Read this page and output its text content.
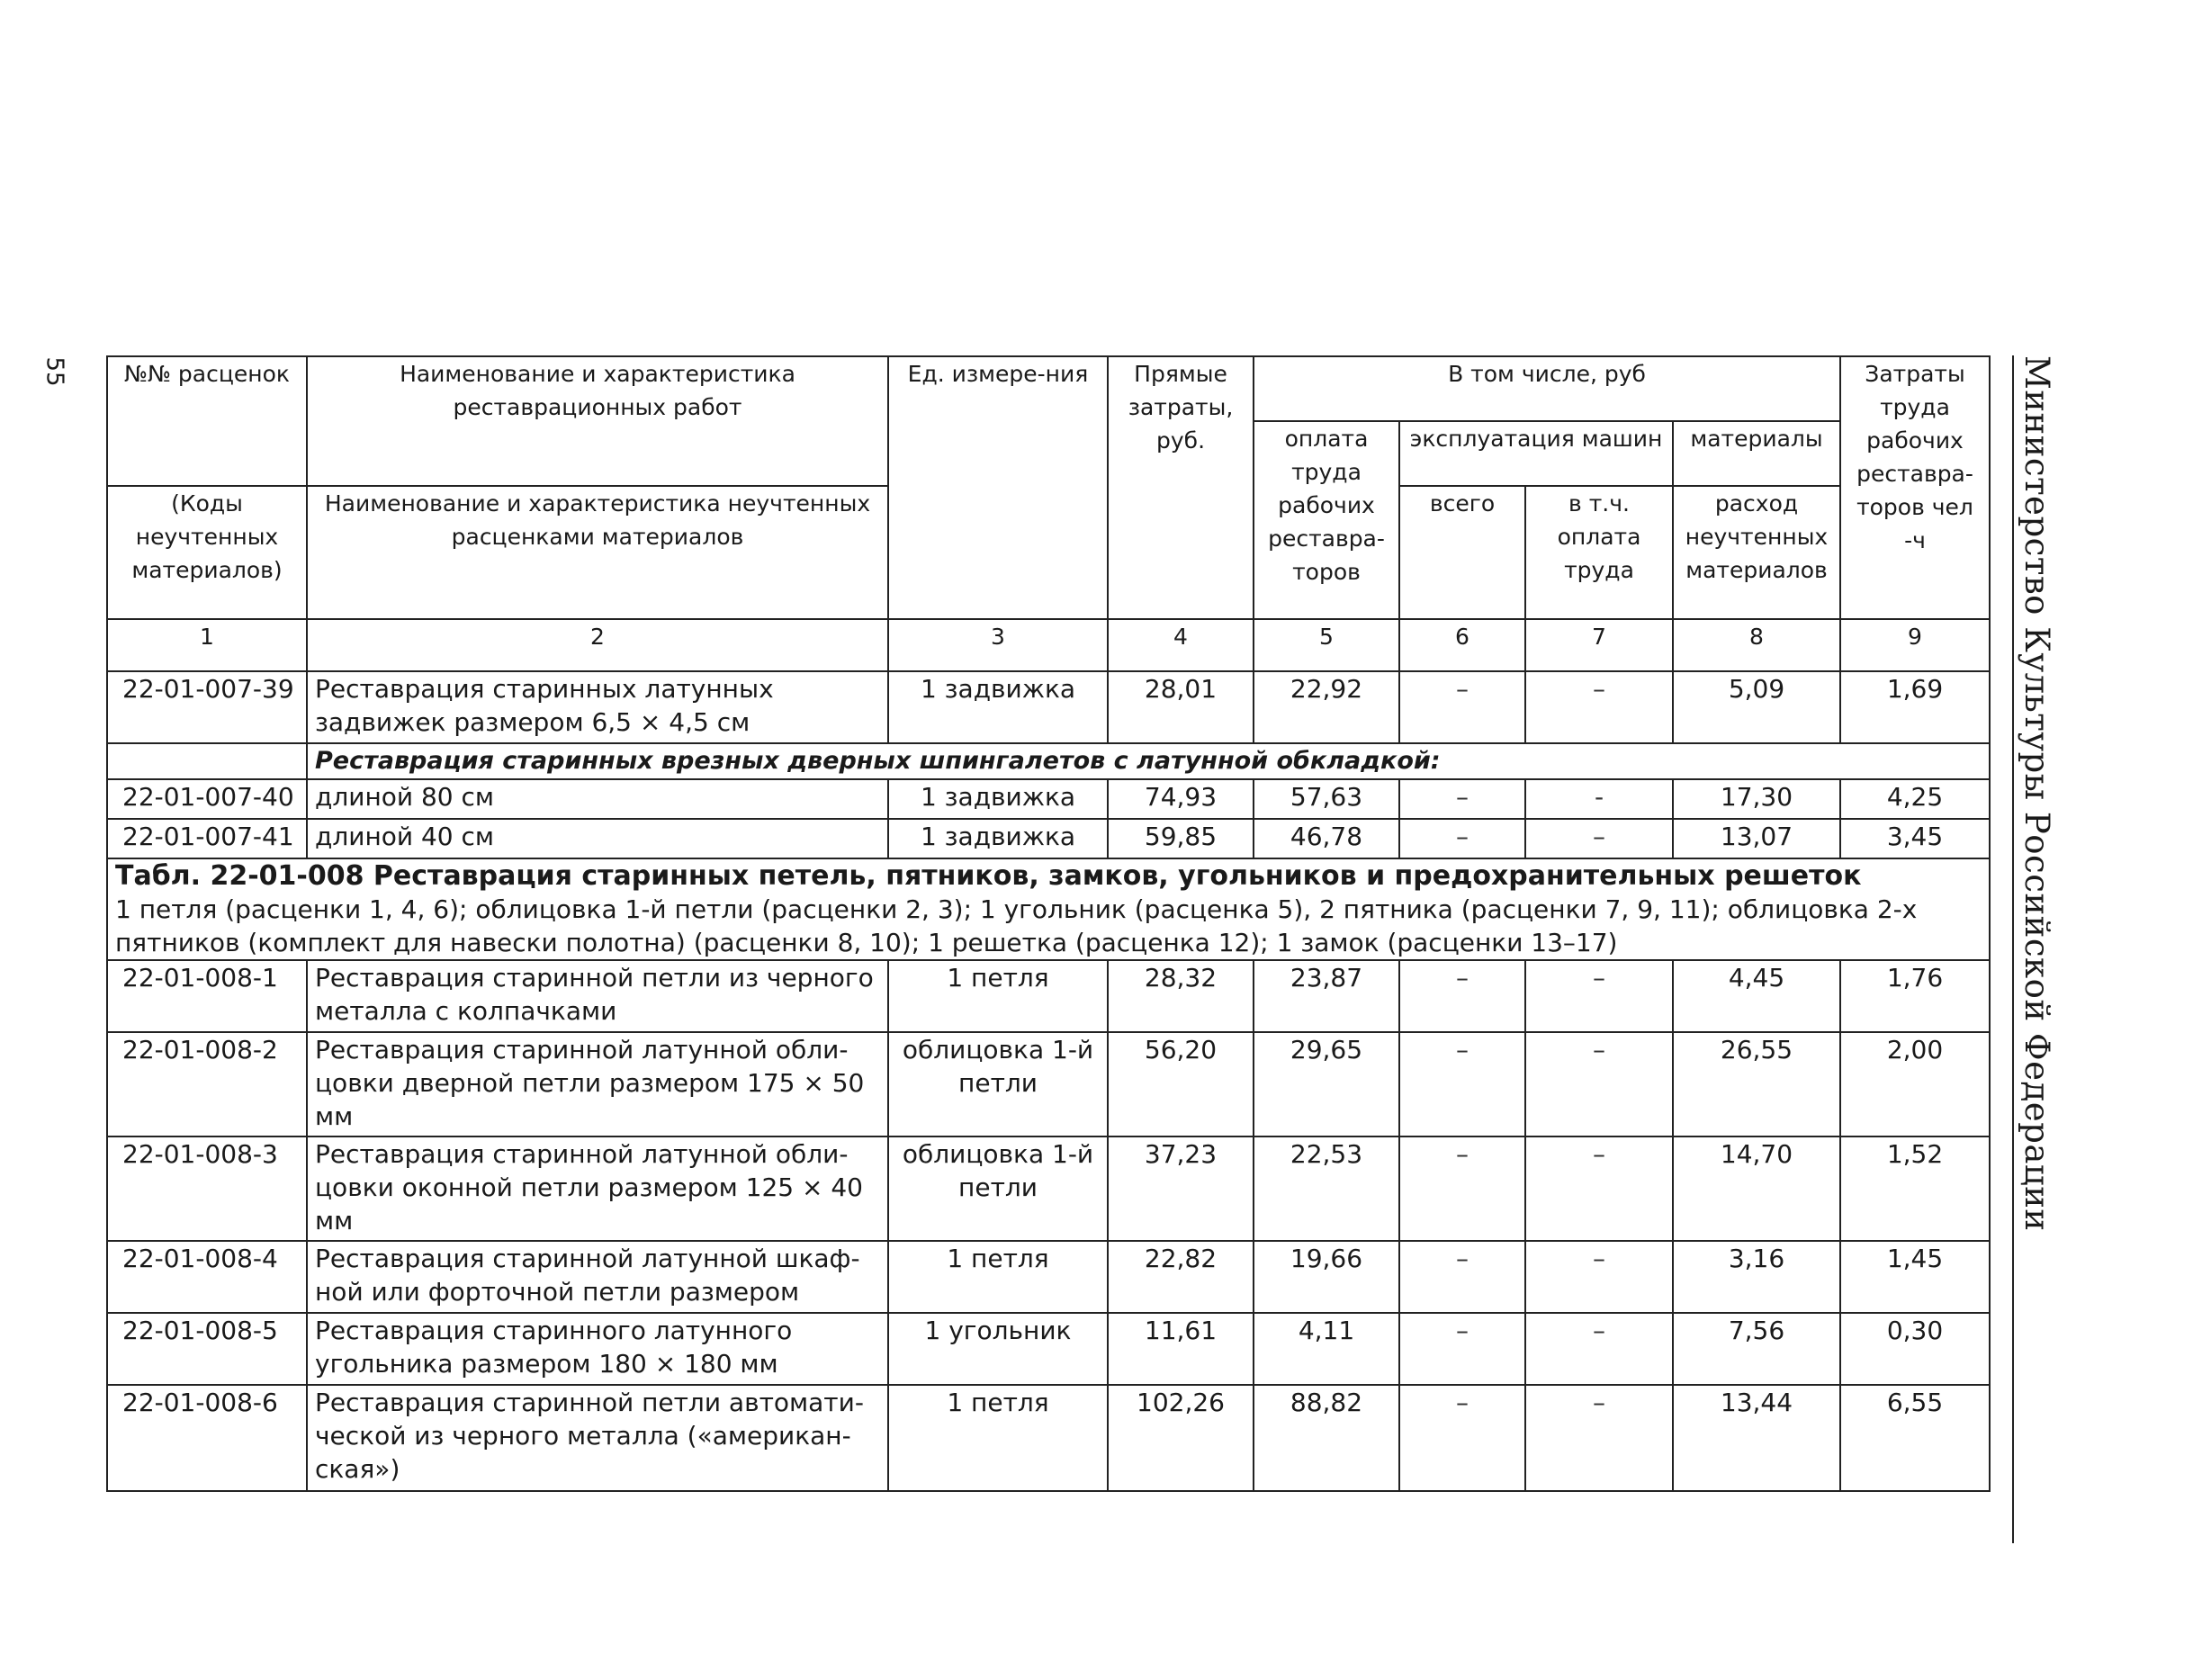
55	Министерство Культуры Российской Федерации
№№ расценок	Наименование и характеристика реставрационных работ	Ед. измере-ния	Прямые затраты, руб.	В том числе, руб				Затраты труда рабочих реставра-торов чел -ч
				оплата труда рабочих реставра-торов	эксплуатация машин		материалы	
(Коды неучтенных материалов)	Наименование и характеристика неучтенных расценками материалов				всего	в т.ч. оплата труда	расход неучтенных материалов	
1	2	3	4	5	6	7	8	9
22-01-007-39	Реставрация старинных латунных задвижек размером 6,5 × 4,5 см	1 задвижка	28,01	22,92	–	–	5,09	1,69
	Реставрация старинных врезных дверных шпингалетов с латунной обкладкой:							
22-01-007-40	длиной 80 см	1 задвижка	74,93	57,63	–	-	17,30	4,25
22-01-007-41	длиной 40 см	1 задвижка	59,85	46,78	–	–	13,07	3,45

Табл. 22-01-008 Реставрация старинных петель, пятников, замков, угольников и предохранительных решеток
1 петля (расценки 1, 4, 6); облицовка 1-й петли (расценки 2, 3); 1 угольник (расценка 5), 2 пятника (расценки 7, 9, 11); облицовка 2-х пятников (комплект для навески полотна) (расценки 8, 10); 1 решетка (расценка 12); 1 замок (расценки 13–17)								
22-01-008-1	Реставрация старинной петли из черного металла с колпачками	1 петля	28,32	23,87	–	–	4,45	1,76
22-01-008-2	Реставрация старинной латунной обли-цовки дверной петли размером 175 × 50 мм	облицовка 1-й петли	56,20	29,65	–	–	26,55	2,00
22-01-008-3	Реставрация старинной латунной обли-цовки оконной петли размером 125 × 40 мм	облицовка 1-й петли	37,23	22,53	–	–	14,70	1,52
22-01-008-4	Реставрация старинной латунной шкаф-ной или форточной петли размером	1 петля	22,82	19,66	–	–	3,16	1,45
22-01-008-5	Реставрация старинного латунного угольника размером 180 × 180 мм	1 угольник	11,61	4,11	–	–	7,56	0,30
22-01-008-6	Реставрация старинной петли автомати-ческой из черного металла («американ-ская»)	1 петля	102,26	88,82	–	–	13,44	6,55
